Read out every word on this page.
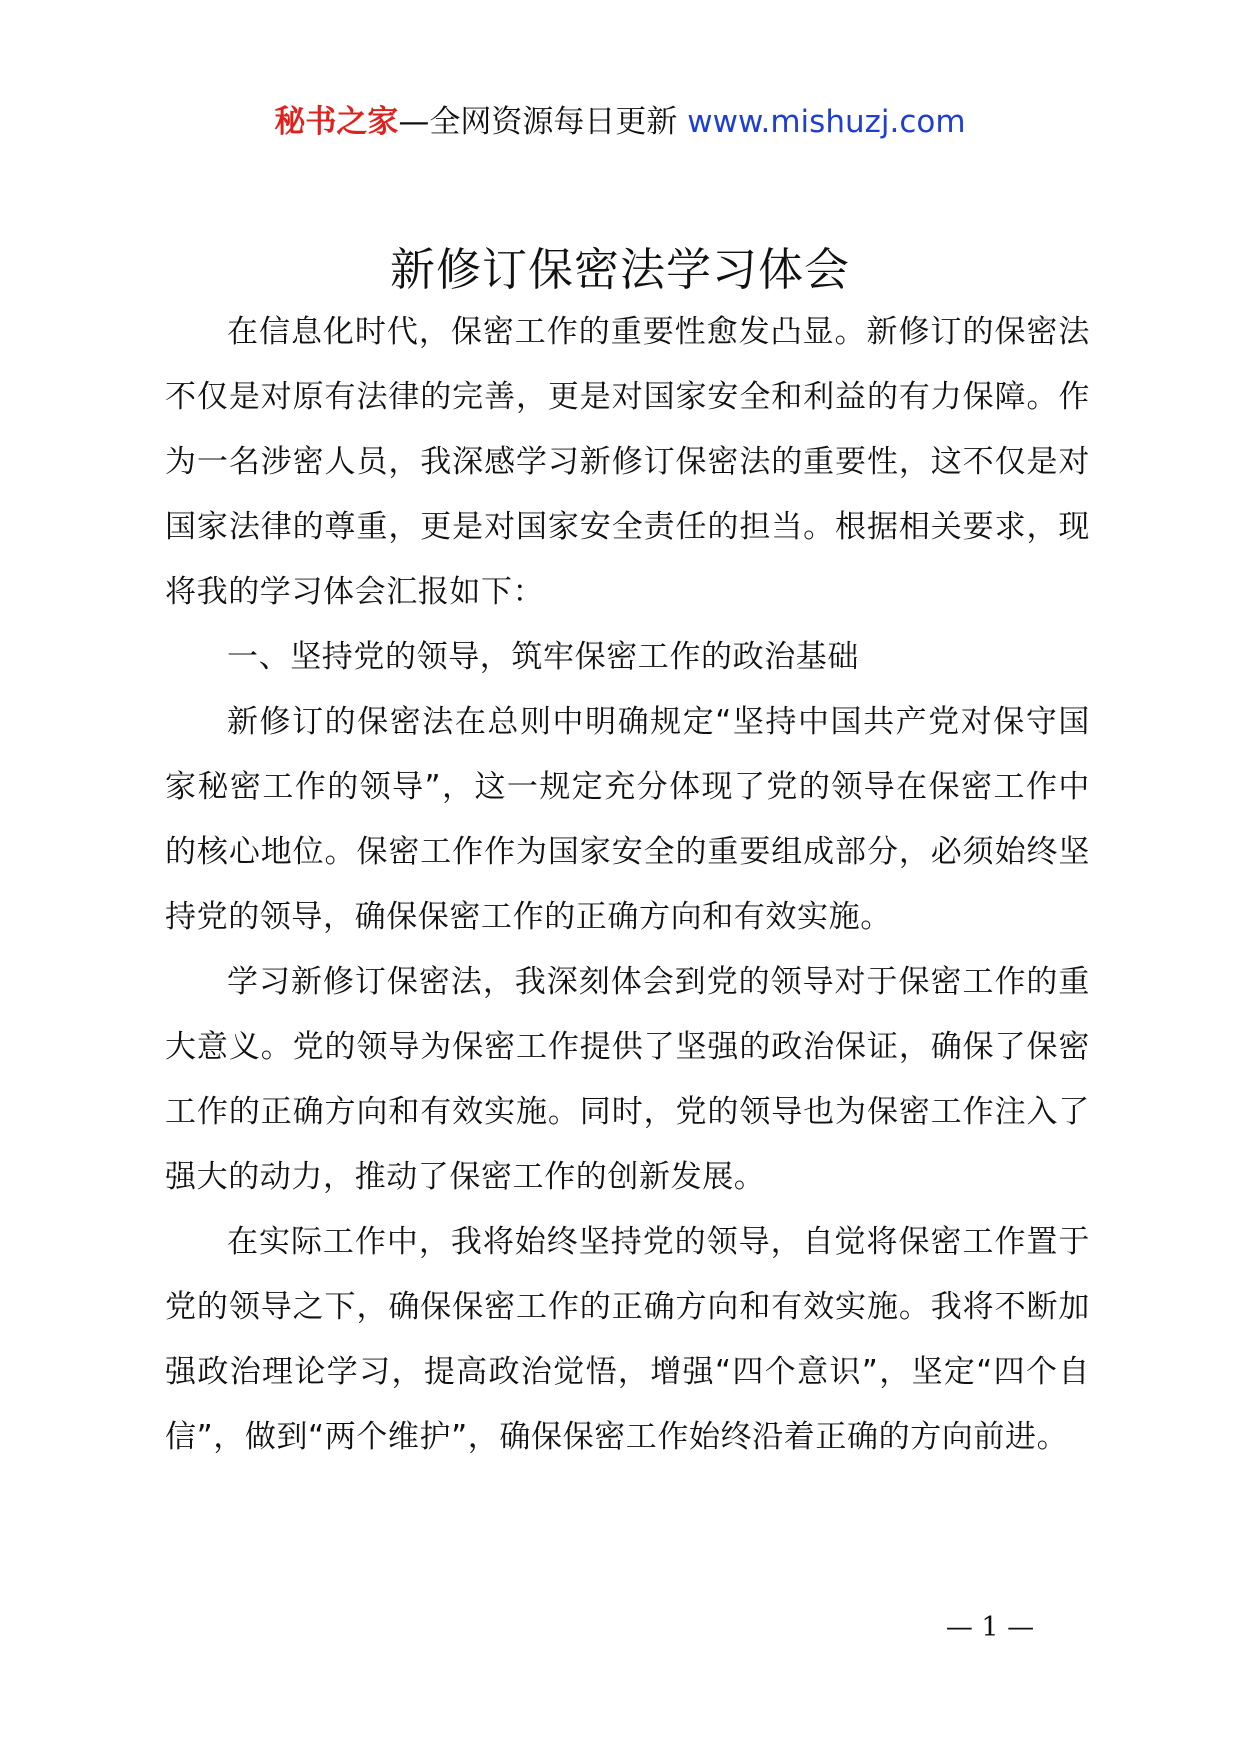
秘书之家—全网资源每日更新 www.mishuzj.com
新修订保密法学习体会

在信息化时代，保密工作的重要性愈发凸显。新修订的保密法不仅是对原有法律的完善，更是对国家安全和利益的有力保障。作为一名涉密人员，我深感学习新修订保密法的重要性，这不仅是对国家法律的尊重，更是对国家安全责任的担当。根据相关要求，现将我的学习体会汇报如下：

一、坚持党的领导，筑牢保密工作的政治基础

新修订的保密法在总则中明确规定“坚持中国共产党对保守国家秘密工作的领导”，这一规定充分体现了党的领导在保密工作中的核心地位。保密工作作为国家安全的重要组成部分，必须始终坚持党的领导，确保保密工作的正确方向和有效实施。

学习新修订保密法，我深刻体会到党的领导对于保密工作的重大意义。党的领导为保密工作提供了坚强的政治保证，确保了保密工作的正确方向和有效实施。同时，党的领导也为保密工作注入了强大的动力，推动了保密工作的创新发展。

在实际工作中，我将始终坚持党的领导，自觉将保密工作置于党的领导之下，确保保密工作的正确方向和有效实施。我将不断加强政治理论学习，提高政治觉悟，增强“四个意识”，坚定“四个自信”，做到“两个维护”，确保保密工作始终沿着正确的方向前进。

— 1 —
